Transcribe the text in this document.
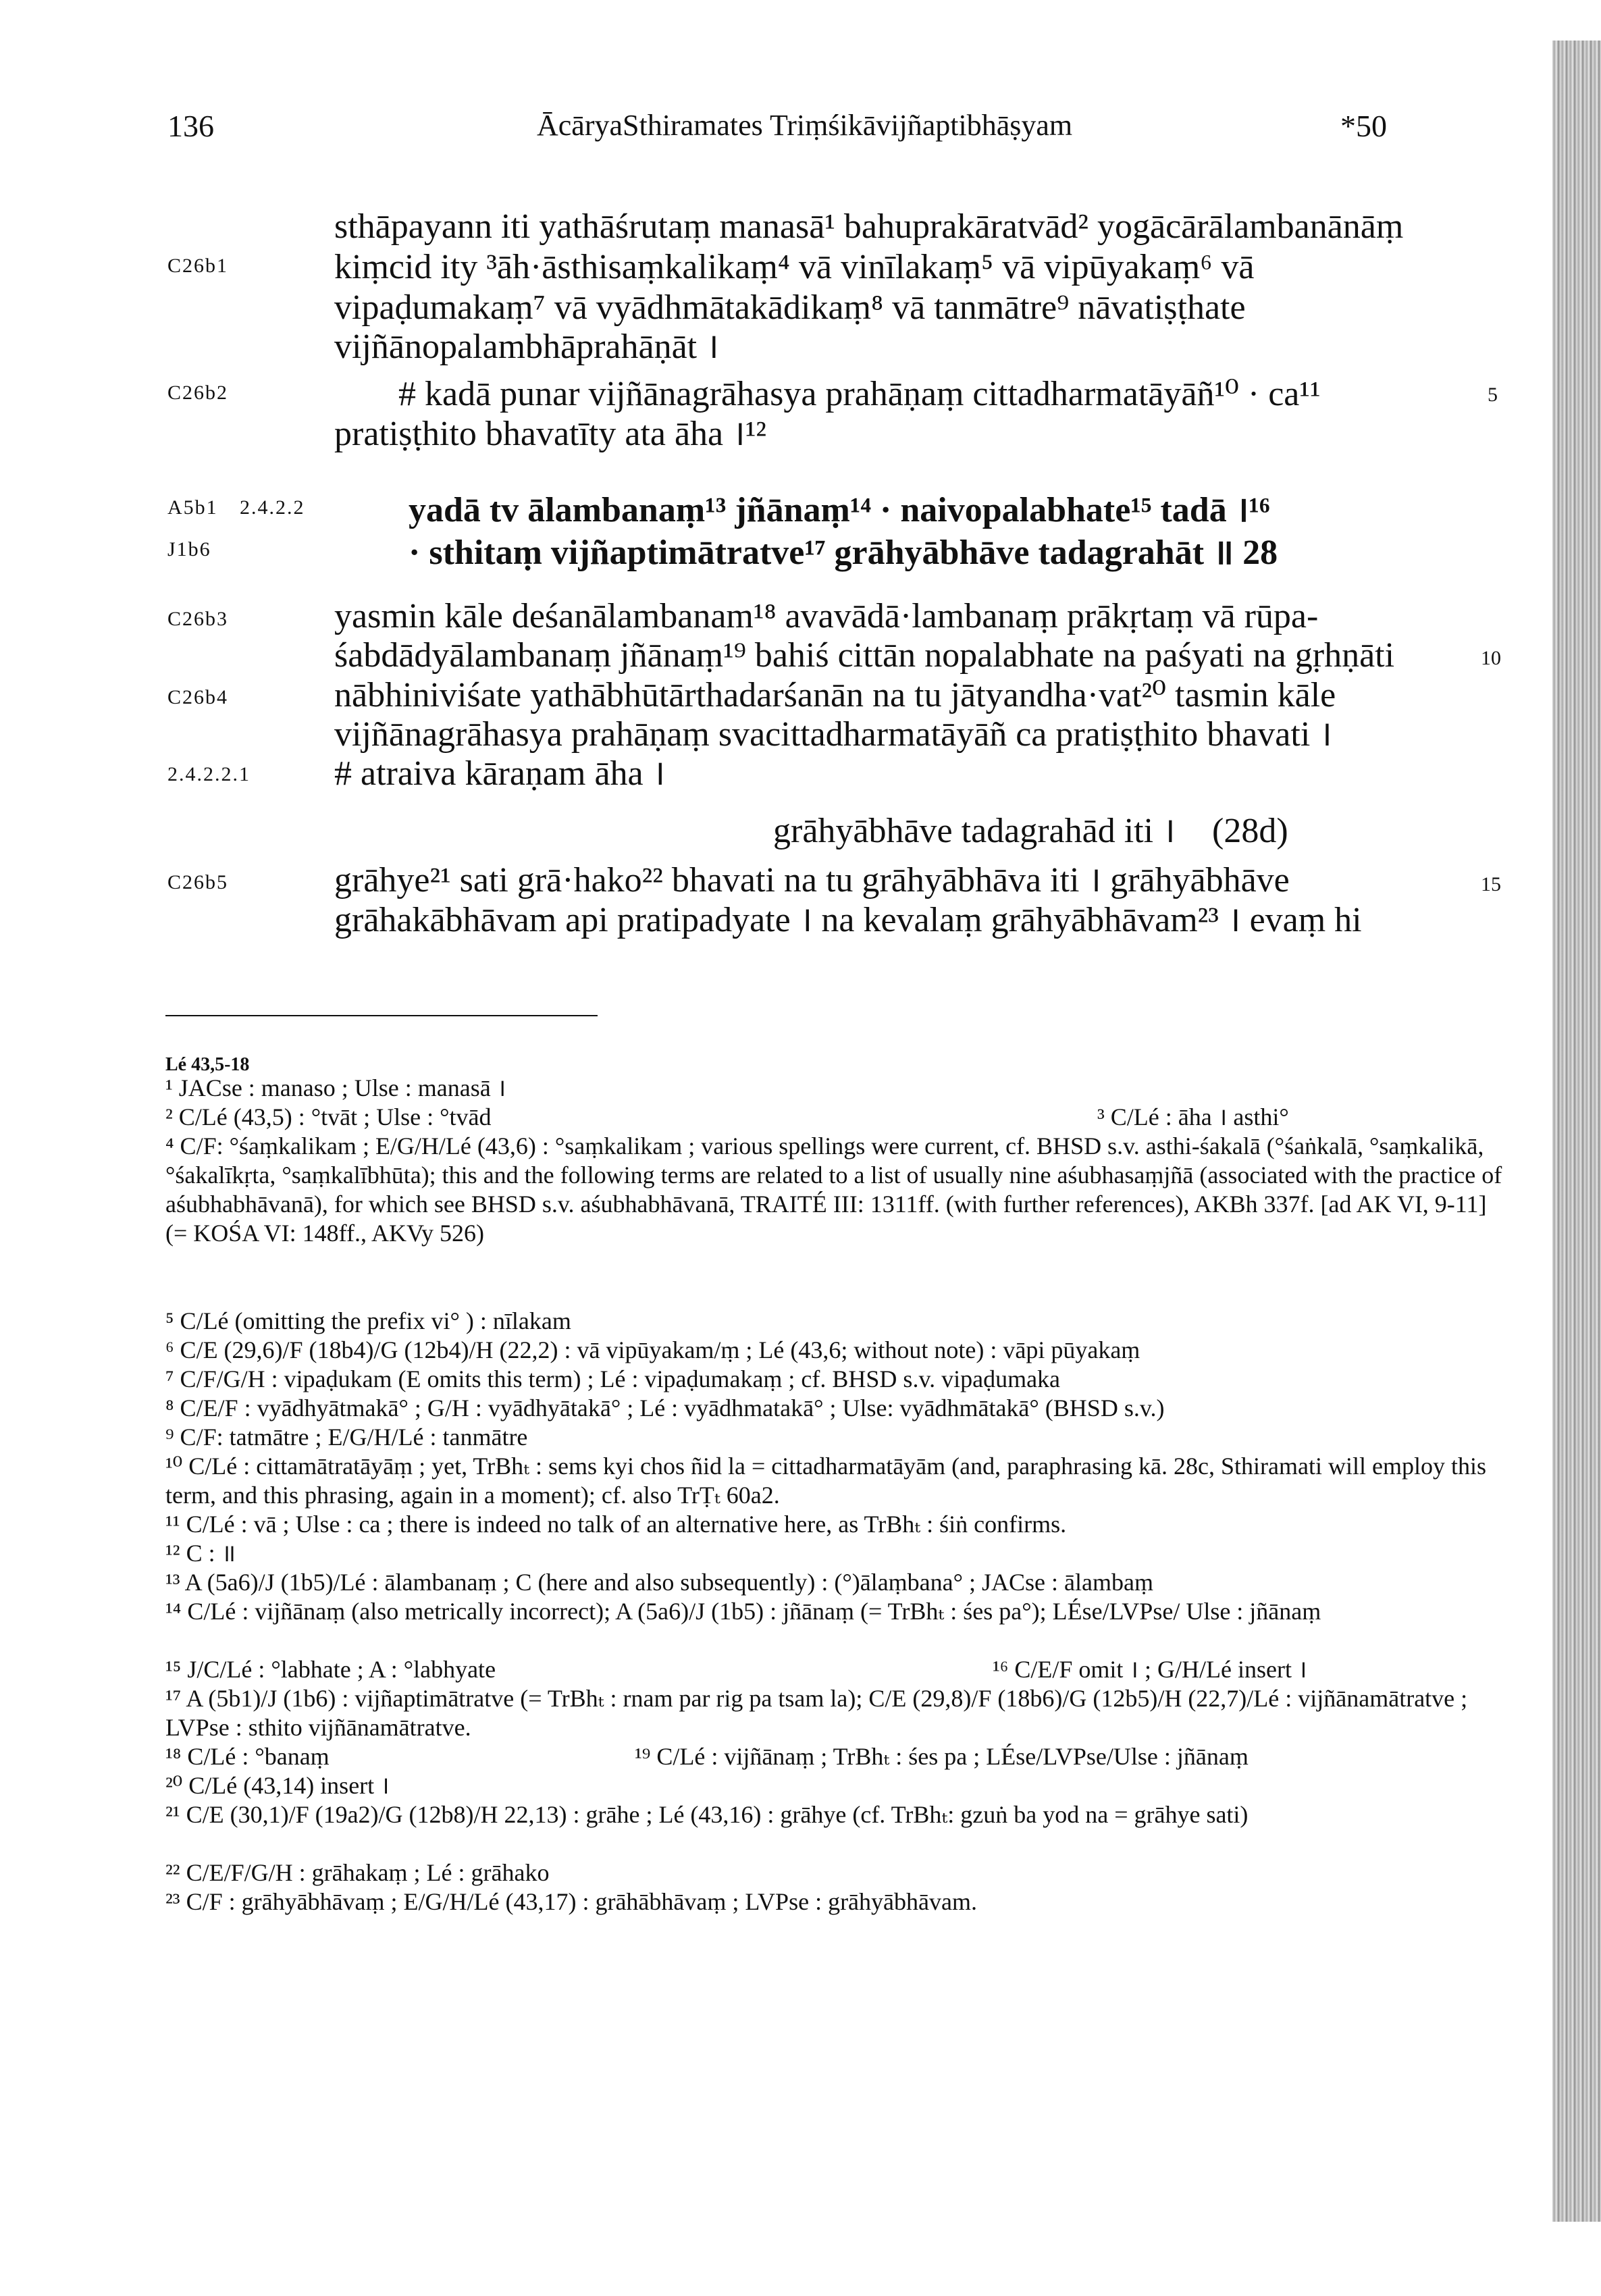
136	ĀcāryaSthiramates Triṃśikāvijñaptibhāṣyam	*50
C26b1
C26b2
A5b1 2.4.2.2
J1b6
C26b3
C26b4
2.4.2.2.1
C26b5
5
10
15
sthāpayann iti yathāśrutaṃ manasā¹ bahuprakāratvād² yogācārālambanānāṃ
kiṃcid ity ³āh·āsthisaṃkalikaṃ⁴ vā vinīlakaṃ⁵ vā vipūyakaṃ⁶ vā
vipaḍumakaṃ⁷ vā vyādhmātakādikaṃ⁸ vā tanmātre⁹ nāvatiṣṭhate
vijñānopalambhāprahāṇāt ।
# kadā punar vijñānagrāhasya prahāṇaṃ cittadharmatāyāñ¹⁰ · ca¹¹
pratiṣṭhito bhavatīty ata āha ।¹²
yadā tv ālambanaṃ¹³ jñānaṃ¹⁴ · naivopalabhate¹⁵ tadā ।¹⁶
· sthitaṃ vijñaptimātratve¹⁷ grāhyābhāve tadagrahāt ॥ 28
yasmin kāle deśanālambanam¹⁸ avavādā·lambanaṃ prākṛtaṃ vā rūpa-
śabdādyālambanaṃ jñānaṃ¹⁹ bahiś cittān nopalabhate na paśyati na gṛhṇāti
nābhiniviśate yathābhūtārthadarśanān na tu jātyandha·vat²⁰ tasmin kāle
vijñānagrāhasya prahāṇaṃ svacittadharmatāyāñ ca pratiṣṭhito bhavati ।
# atraiva kāraṇam āha ।
grāhyābhāve tadagrahād iti । (28d)
grāhye²¹ sati grā·hako²² bhavati na tu grāhyābhāva iti । grāhyābhāve
grāhakābhāvam api pratipadyate । na kevalaṃ grāhyābhāvam²³ । evaṃ hi
Lé 43,5-18
¹ JACse : manaso ; Ulse : manasā ।
² C/Lé (43,5) : °tvāt ; Ulse : °tvād	³ C/Lé : āha । asthi°
⁴ C/F: °śaṃkalikam ; E/G/H/Lé (43,6) : °saṃkalikam ; various spellings were current, cf. BHSD s.v. asthi-śakalā (°śaṅkalā, °saṃkalikā, °śakalīkṛta, °saṃkalībhūta); this and the following terms are related to a list of usually nine aśubhasaṃjñā (associated with the practice of aśubhabhāvanā), for which see BHSD s.v. aśubhabhāvanā, TRAITÉ III: 1311ff. (with further references), AKBh 337f. [ad AK VI, 9-11] (= KOŚA VI: 148ff., AKVy 526)
⁵ C/Lé (omitting the prefix vi° ) : nīlakam
⁶ C/E (29,6)/F (18b4)/G (12b4)/H (22,2) : vā vipūyakam/ṃ ; Lé (43,6; without note) : vāpi pūyakaṃ
⁷ C/F/G/H : vipaḍukam (E omits this term) ; Lé : vipaḍumakaṃ ; cf. BHSD s.v. vipaḍumaka
⁸ C/E/F : vyādhyātmakā° ; G/H : vyādhyātakā° ; Lé : vyādhmatakā° ; Ulse: vyādhmātakā° (BHSD s.v.)
⁹ C/F: tatmātre ; E/G/H/Lé : tanmātre
¹⁰ C/Lé : cittamātratāyāṃ ; yet, TrBhₜ : sems kyi chos ñid la = cittadharmatāyām (and, paraphrasing kā. 28c, Sthiramati will employ this term, and this phrasing, again in a moment); cf. also TrṬₜ 60a2.
¹¹ C/Lé : vā ; Ulse : ca ; there is indeed no talk of an alternative here, as TrBhₜ : śiṅ confirms.
¹² C : ॥
¹³ A (5a6)/J (1b5)/Lé : ālambanaṃ ; C (here and also subsequently) : (°)ālaṃbana° ; JACse : ālambaṃ
¹⁴ C/Lé : vijñānaṃ (also metrically incorrect); A (5a6)/J (1b5) : jñānaṃ (= TrBhₜ : śes pa°); LÉse/LVPse/ Ulse : jñānaṃ
¹⁵ J/C/Lé : °labhate ; A : °labhyate	¹⁶ C/E/F omit । ; G/H/Lé insert ।
¹⁷ A (5b1)/J (1b6) : vijñaptimātratve (= TrBhₜ : rnam par rig pa tsam la); C/E (29,8)/F (18b6)/G (12b5)/H (22,7)/Lé : vijñānamātratve ; LVPse : sthito vijñānamātratve.
¹⁸ C/Lé : °banaṃ	¹⁹ C/Lé : vijñānaṃ ; TrBhₜ : śes pa ; LÉse/LVPse/Ulse : jñānaṃ
²⁰ C/Lé (43,14) insert ।
²¹ C/E (30,1)/F (19a2)/G (12b8)/H 22,13) : grāhe ; Lé (43,16) : grāhye (cf. TrBhₜ: gzuṅ ba yod na = grāhye sati)
²² C/E/F/G/H : grāhakaṃ ; Lé : grāhako
²³ C/F : grāhyābhāvaṃ ; E/G/H/Lé (43,17) : grāhābhāvaṃ ; LVPse : grāhyābhāvam.
